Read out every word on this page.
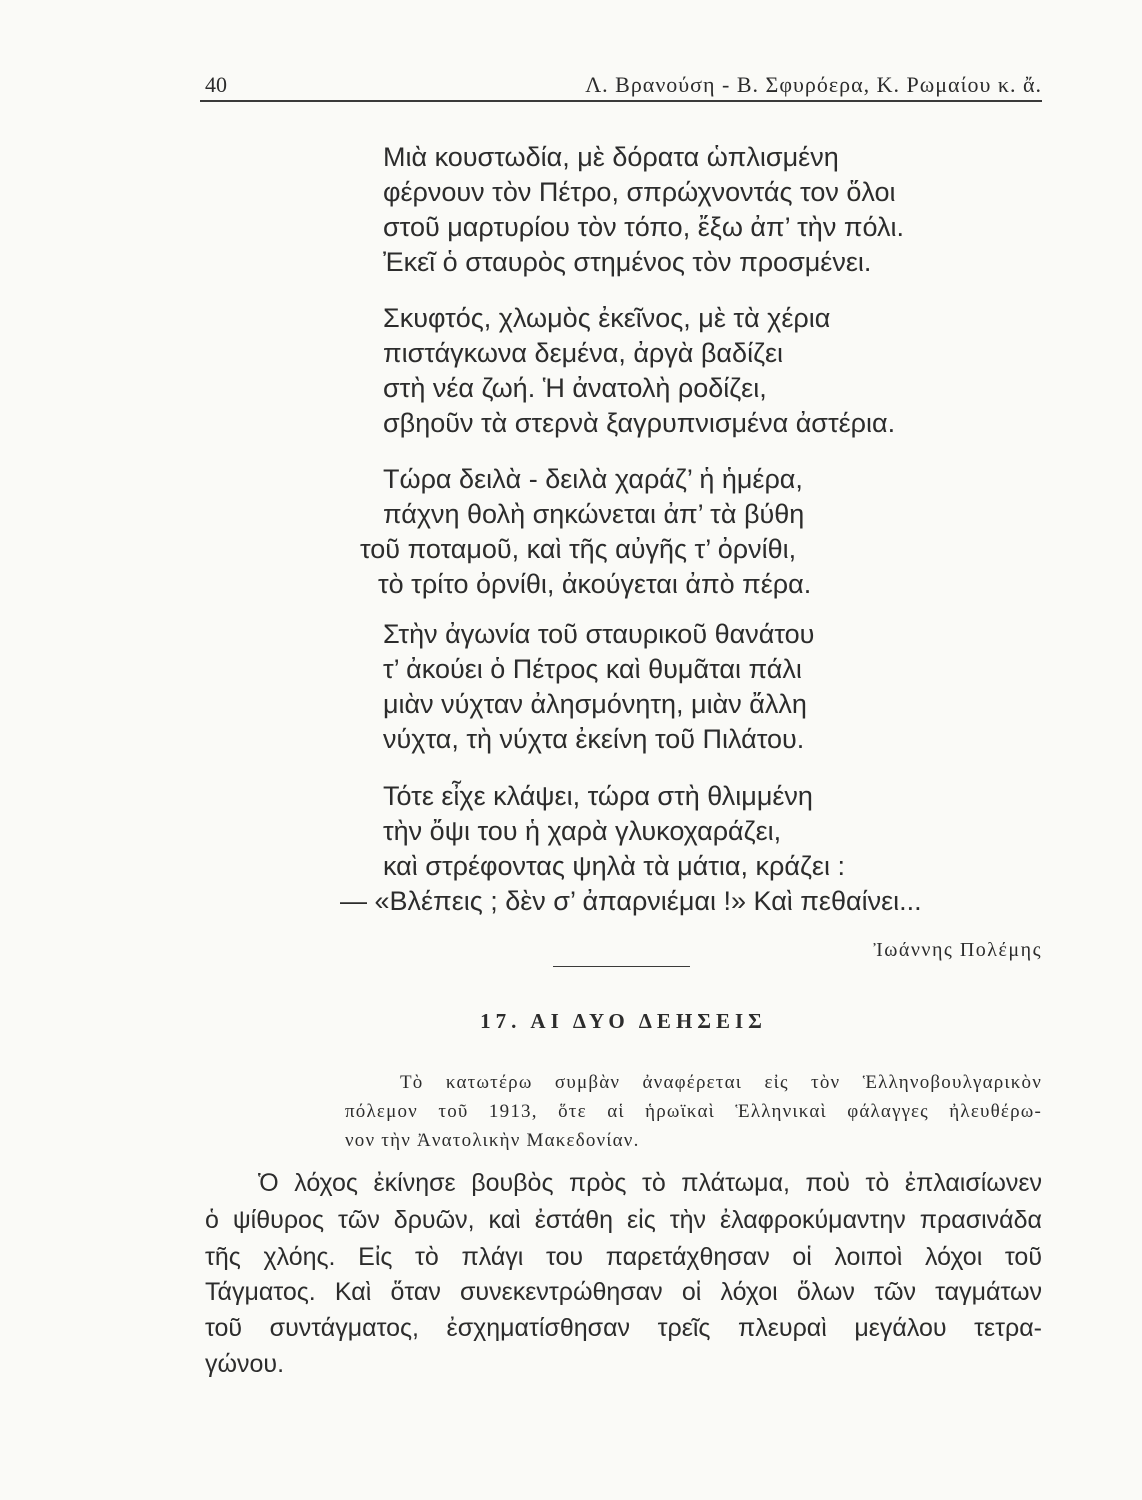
40	Λ. Βρανούση - Β. Σφυρόερα, Κ. Ρωμαίου κ. ἄ.
Μιὰ κουστωδία, μὲ δόρατα ὡπλισμένη
φέρνουν τὸν Πέτρο, σπρώχνοντάς τον ὅλοι
στοῦ μαρτυρίου τὸν τόπο, ἔξω ἀπ’ τὴν πόλι.
Ἐκεῖ ὁ σταυρὸς στημένος τὸν προσμένει.
Σκυφτός, χλωμὸς ἐκεῖνος, μὲ τὰ χέρια
πιστάγκωνα δεμένα, ἀργὰ βαδίζει
στὴ νέα ζωή. Ἡ ἀνατολὴ ροδίζει,
σβηοῦν τὰ στερνὰ ξαγρυπνισμένα ἀστέρια.
Τώρα δειλὰ - δειλὰ χαράζ’ ἡ ἡμέρα,
πάχνη θολὴ σηκώνεται ἀπ’ τὰ βύθη
τοῦ ποταμοῦ, καὶ τῆς αὐγῆς τ’ ὀρνίθι,
τὸ τρίτο ὀρνίθι, ἀκούγεται ἀπὸ πέρα.
Στὴν ἀγωνία τοῦ σταυρικοῦ θανάτου
τ’ ἀκούει ὁ Πέτρος καὶ θυμᾶται πάλι
μιὰν νύχταν ἀλησμόνητη, μιὰν ἄλλη
νύχτα, τὴ νύχτα ἐκείνη τοῦ Πιλάτου.
Τότε εἶχε κλάψει, τώρα στὴ θλιμμένη
τὴν ὄψι του ἡ χαρὰ γλυκοχαράζει,
καὶ στρέφοντας ψηλὰ τὰ μάτια, κράζει :
— «Βλέπεις ; δὲν σ’ ἀπαρνιέμαι !» Καὶ πεθαίνει...
Ἰωάννης Πολέμης
17. ΑΙ ΔΥΟ ΔΕΗΣΕΙΣ
Τὸ κατωτέρω συμβὰν ἀναφέρεται εἰς τὸν Ἑλληνοβουλγαρικὸν
πόλεμον τοῦ 1913, ὅτε αἱ ἡρωϊκαὶ Ἑλληνικαὶ φάλαγγες ἠλευθέρω-
νον τὴν Ἀνατολικὴν Μακεδονίαν.
Ὁ λόχος ἐκίνησε βουβὸς πρὸς τὸ πλάτωμα, ποὺ τὸ ἐπλαισίωνεν
ὁ ψίθυρος τῶν δρυῶν, καὶ ἐστάθη εἰς τὴν ἐλαφροκύμαντην πρασινάδα
τῆς χλόης. Εἰς τὸ πλάγι του παρετάχθησαν οἱ λοιποὶ λόχοι τοῦ
Τάγματος. Καὶ ὅταν συνεκεντρώθησαν οἱ λόχοι ὅλων τῶν ταγμάτων
τοῦ συντάγματος, ἐσχηματίσθησαν τρεῖς πλευραὶ μεγάλου τετρα-
γώνου.
